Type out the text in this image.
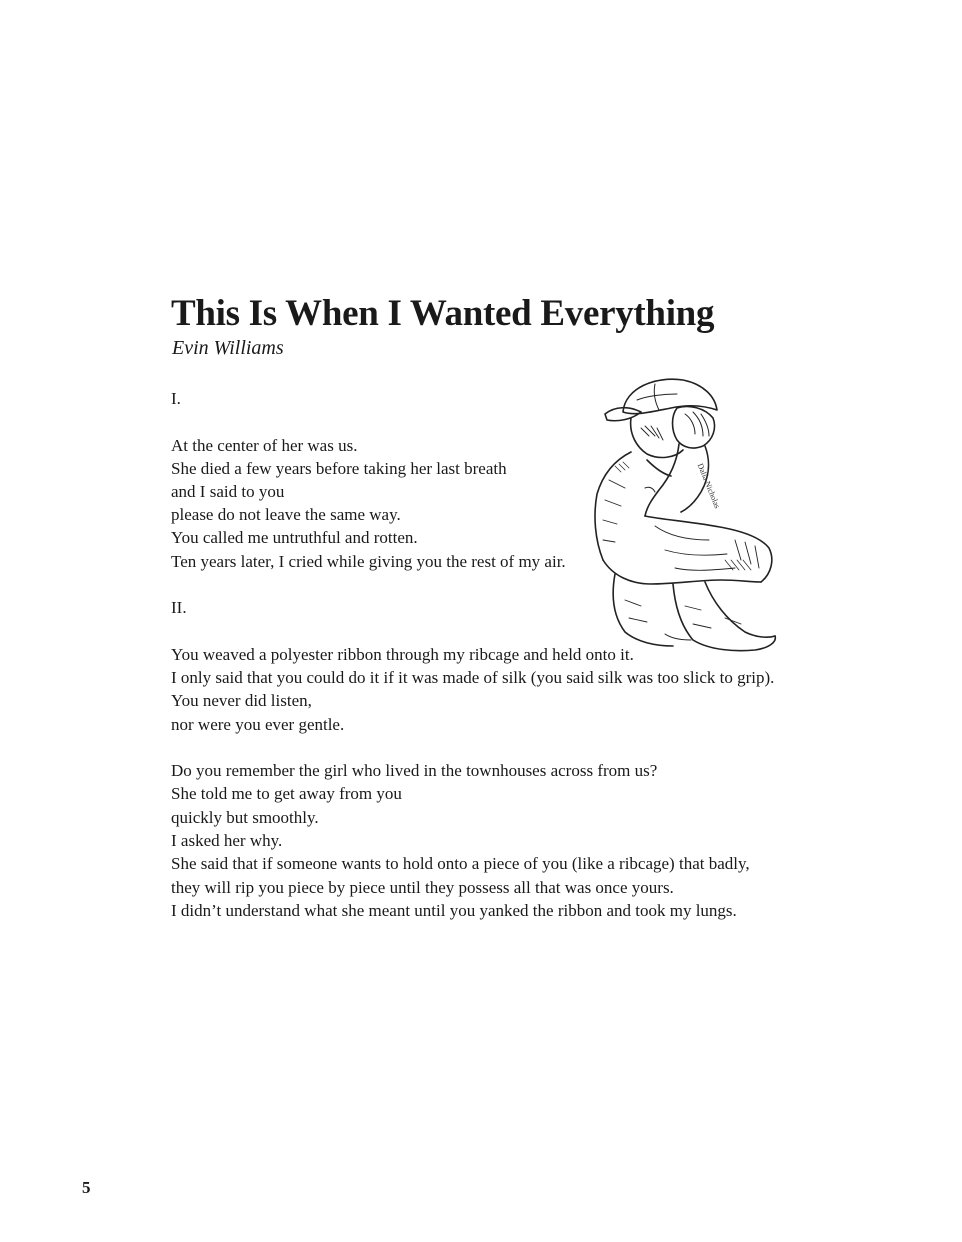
This Is When I Wanted Everything
Evin Williams
I.
At the center of her was us.
She died a few years before taking her last breath
and I said to you
please do not leave the same way.
You called me untruthful and rotten.
Ten years later, I cried while giving you the rest of my air.
II.
You weaved a polyester ribbon through my ribcage and held onto it.
I only said that you could do it if it was made of silk (you said silk was too slick to grip).
You never did listen,
nor were you ever gentle.
Do you remember the girl who lived in the townhouses across from us?
She told me to get away from you
quickly but smoothly.
I asked her why.
She said that if someone wants to hold onto a piece of you (like a ribcage) that badly,
they will rip you piece by piece until they possess all that was once yours.
I didn’t understand what she meant until you yanked the ribbon and took my lungs.
Dalia Nicholas
5
